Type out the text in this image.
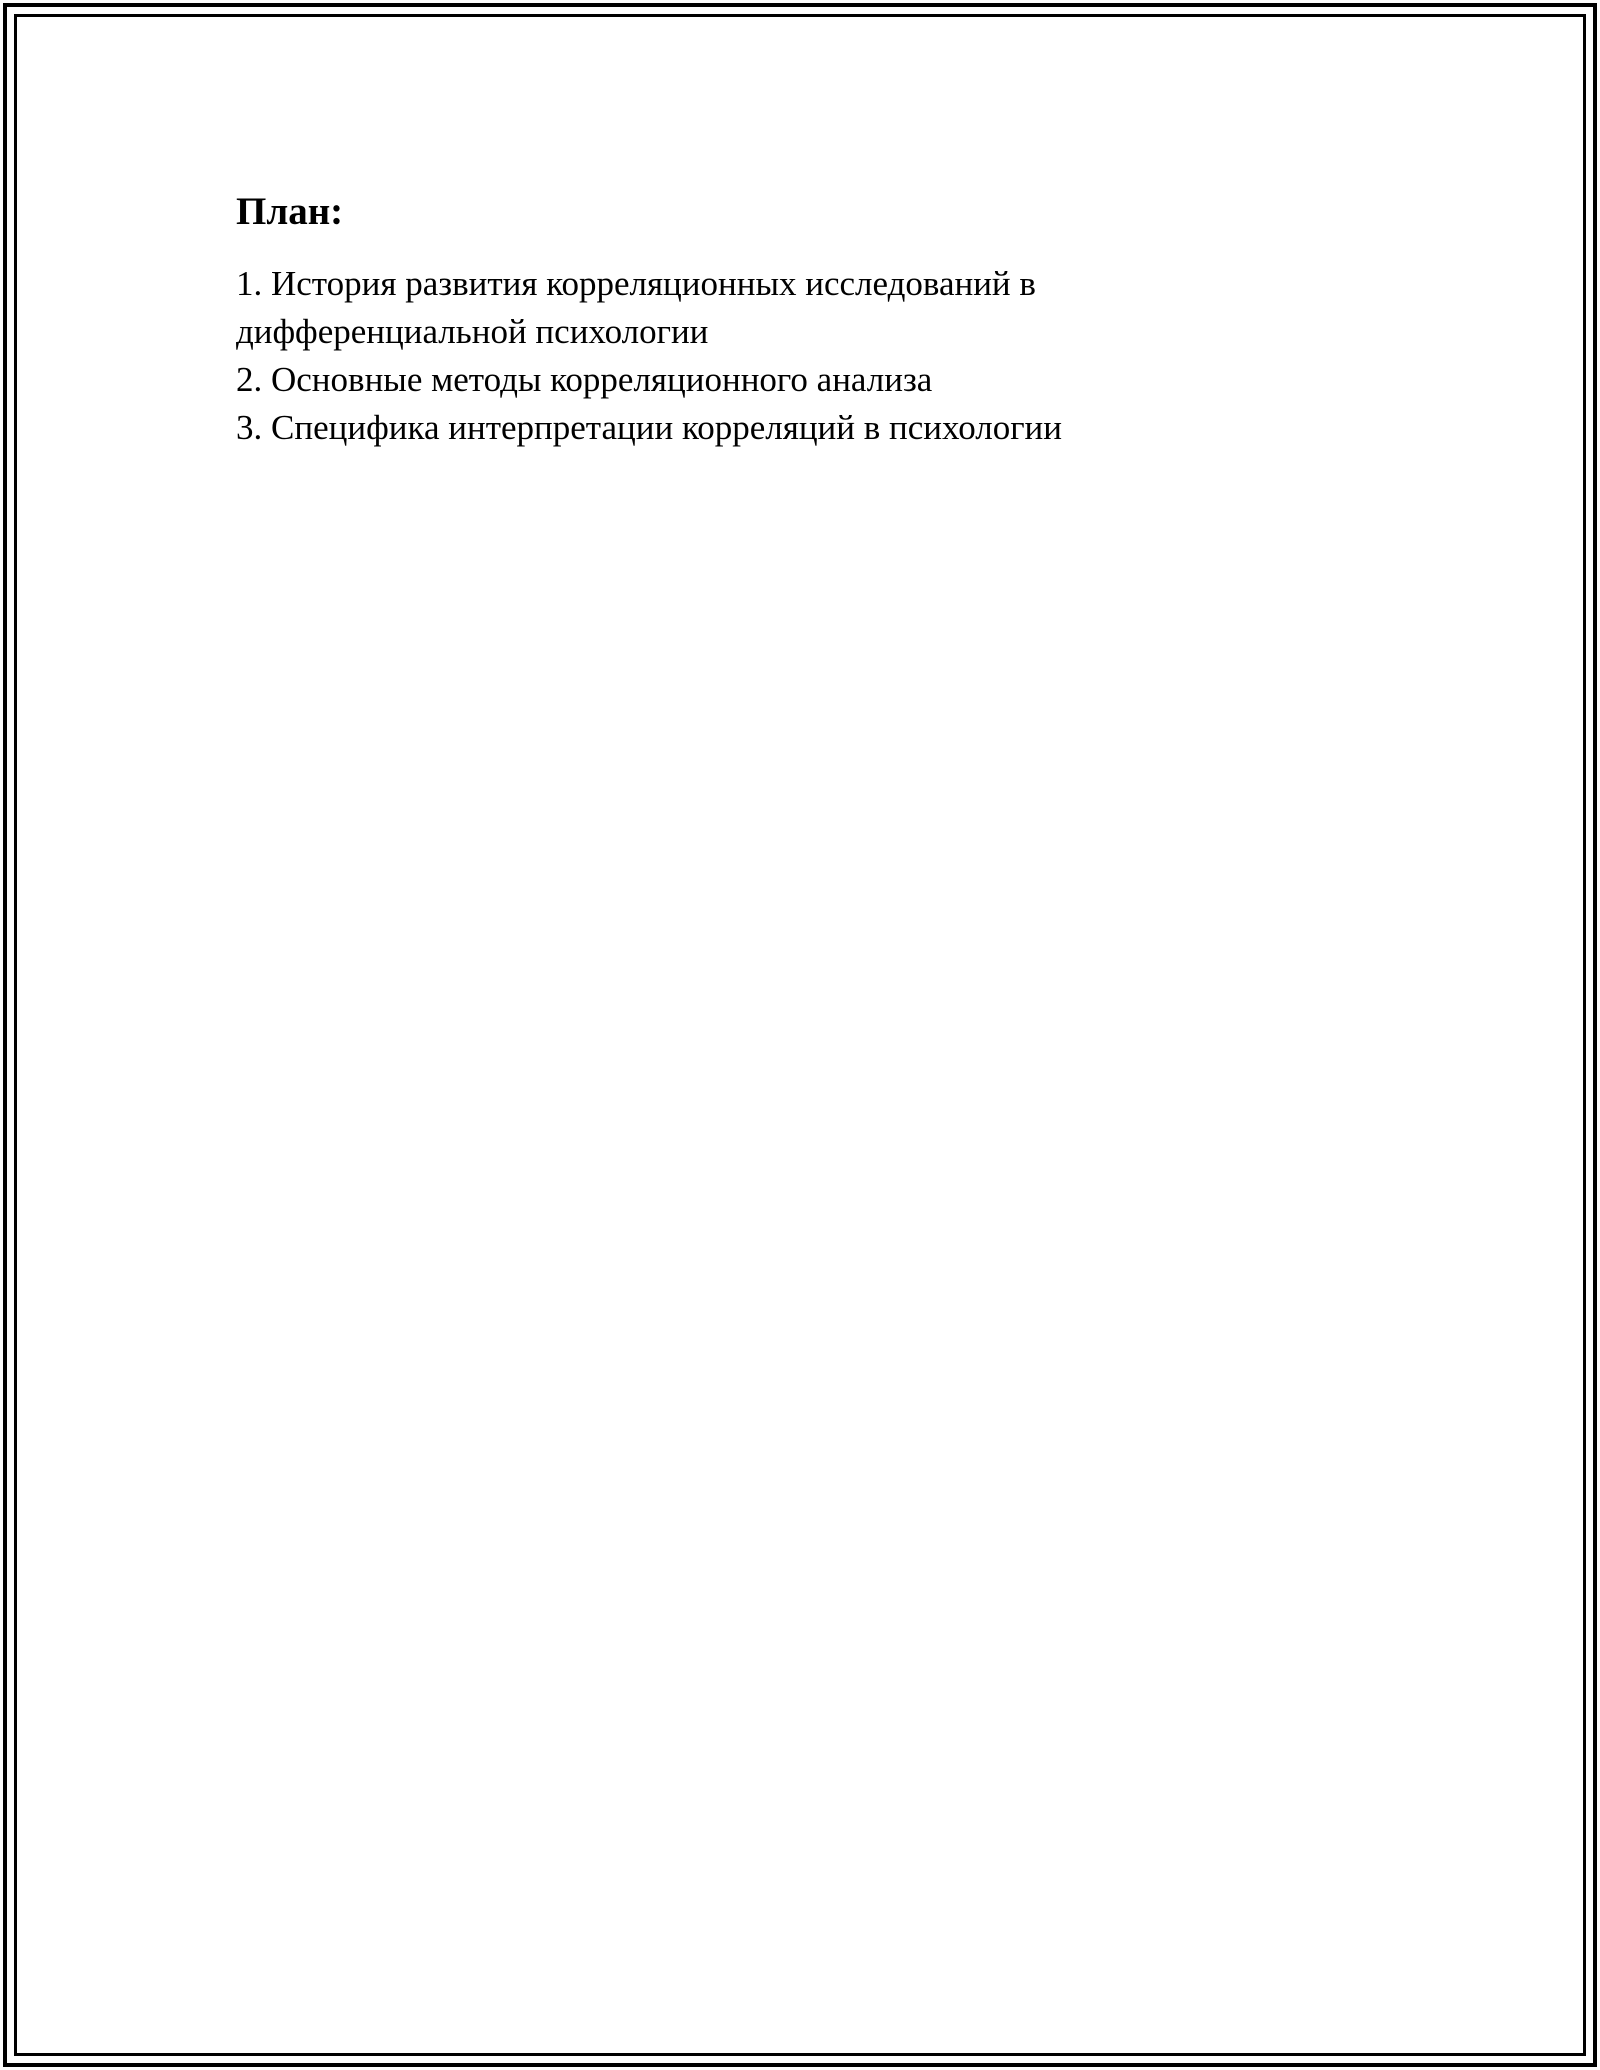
План:
1. История развития корреляционных исследований в дифференциальной психологии
2. Основные методы корреляционного анализа
3. Специфика интерпретации корреляций в психологии
